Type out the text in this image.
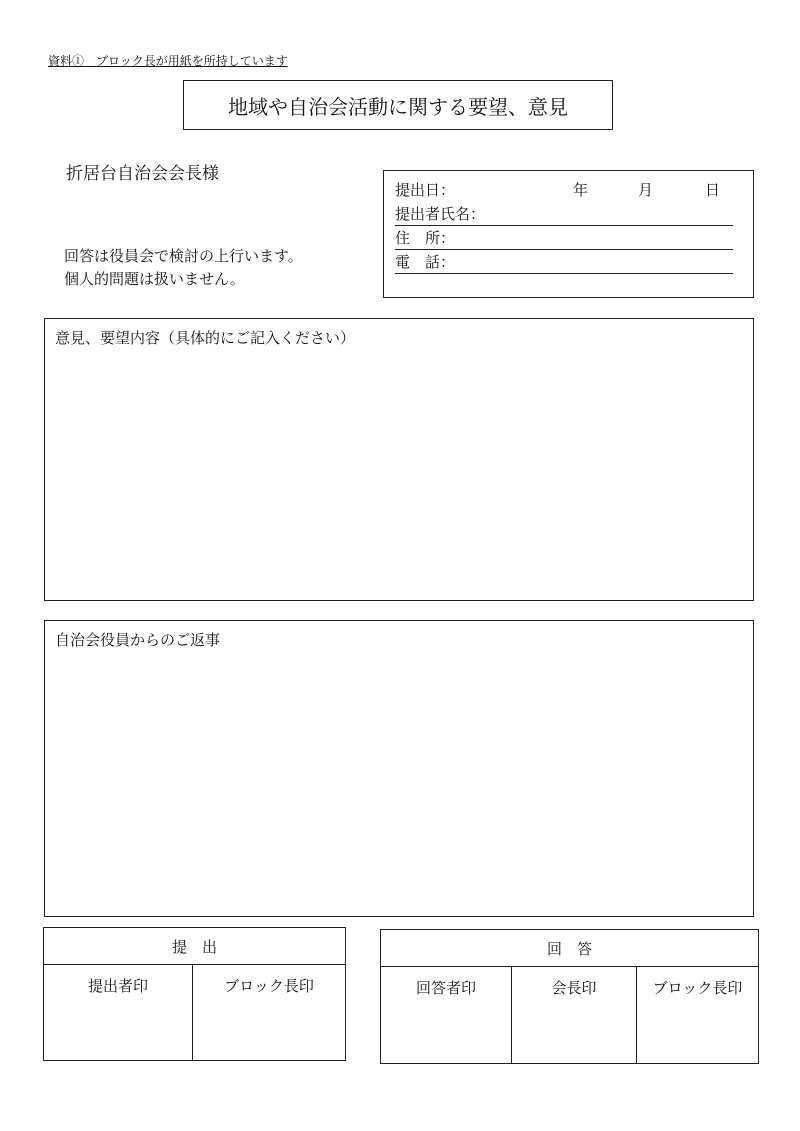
資料①　ブロック長が用紙を所持しています
地域や自治会活動に関する要望、意見
折居台自治会会長様
回答は役員会で検討の上行います。
個人的問題は扱いません。
提出日：	年	月	日
提出者氏名：
住　所：
電　話：
意見、要望内容（具体的にご記入ください）
自治会役員からのご返事
提　出
提出者印	ブロック長印
回　答
回答者印	会長印	ブロック長印
